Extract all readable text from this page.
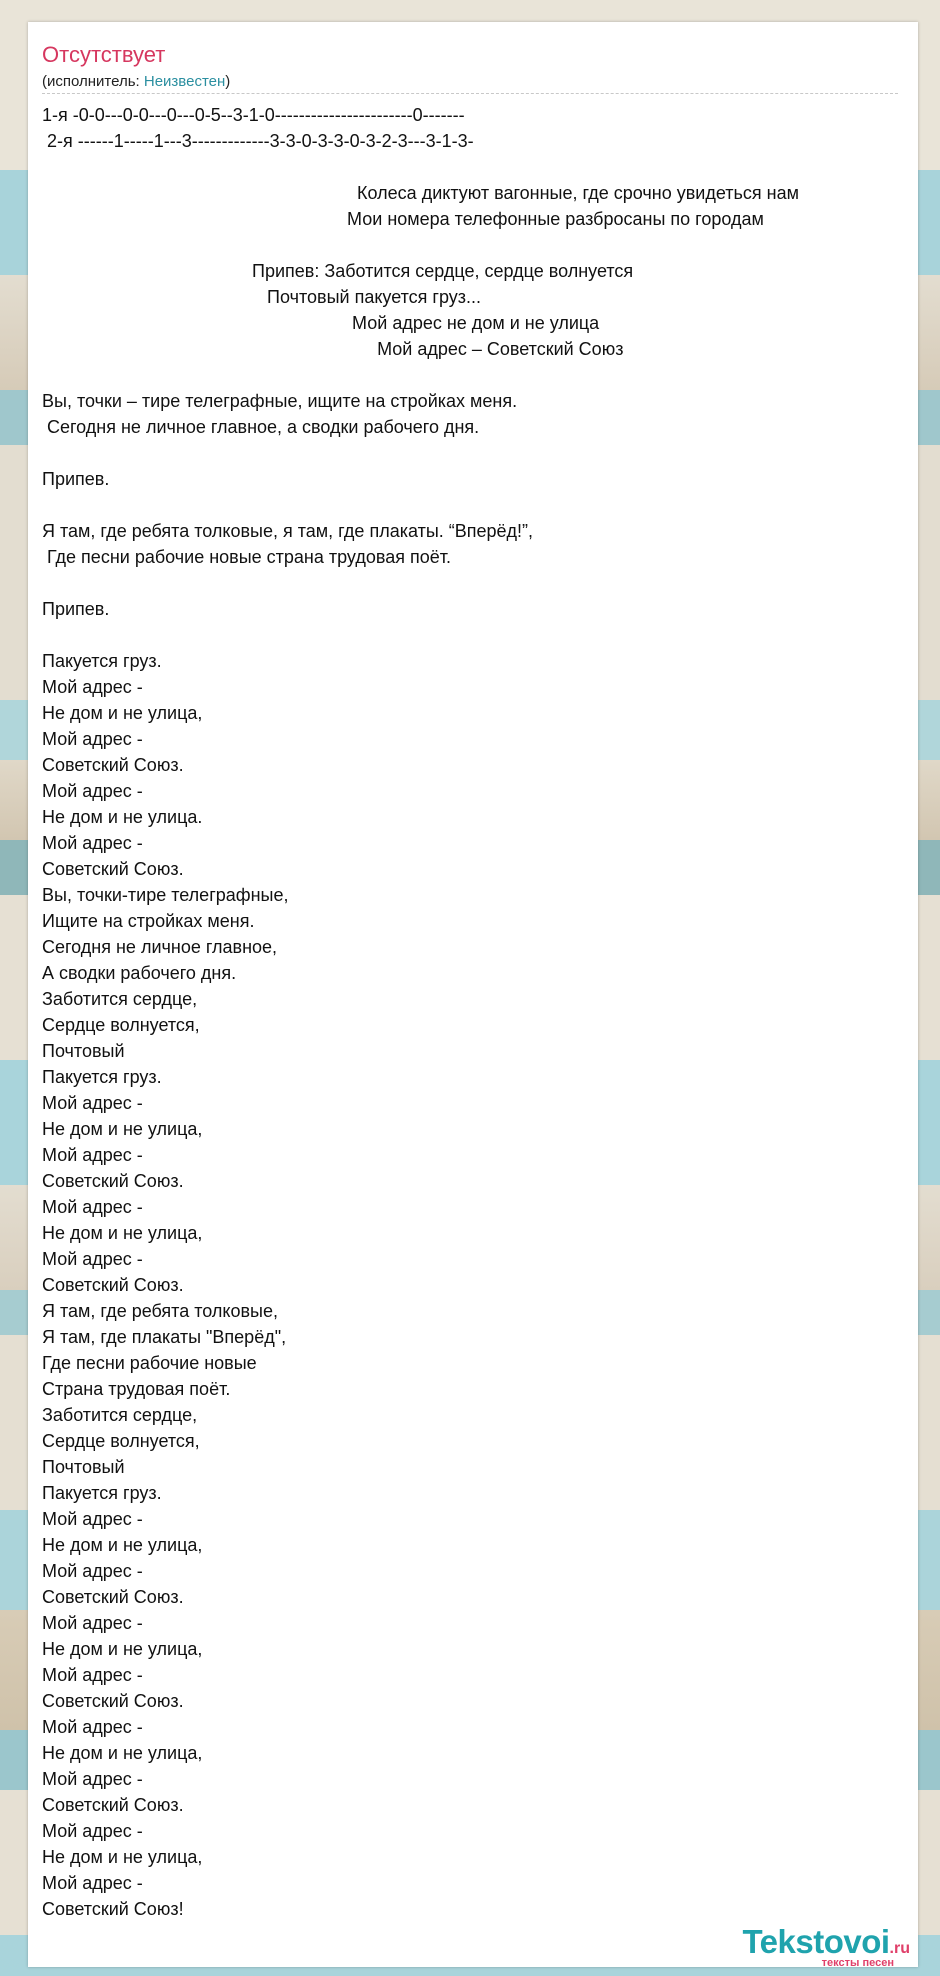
Отсутствует
(исполнитель: Неизвестен)
1-я -0-0---0-0---0---0-5--3-1-0-----------------------0-------
2-я ------1-----1---3-------------3-3-0-3-3-0-3-2-3---3-1-3-

Колеса диктуют вагонные, где срочно увидеться нам
Мои номера телефонные разбросаны по городам

Припев: Заботится сердце, сердце волнуется
Почтовый пакуется груз...
Мой адрес не дом и не улица
Мой адрес – Советский Союз

Вы, точки – тире телеграфные, ищите на стройках меня.
Сегодня не личное главное, а сводки рабочего дня.

Припев.

Я там, где ребята толковые, я там, где плакаты. “Вперёд!”,
Где песни рабочие новые страна трудовая поёт.

Припев.

Пакуется груз.
Мой адрес -
Не дом и не улица,
Мой адрес -
Советский Союз.
Мой адрес -
Не дом и не улица.
Мой адрес -
Советский Союз.
Вы, точки-тире телеграфные,
Ищите на стройках меня.
Сегодня не личное главное,
А сводки рабочего дня.
Заботится сердце,
Сердце волнуется,
Почтовый
Пакуется груз.
Мой адрес -
Не дом и не улица,
Мой адрес -
Советский Союз.
Мой адрес -
Не дом и не улица,
Мой адрес -
Советский Союз.
Я там, где ребята толковые,
Я там, где плакаты "Вперёд",
Где песни рабочие новые
Страна трудовая поёт.
Заботится сердце,
Сердце волнуется,
Почтовый
Пакуется груз.
Мой адрес -
Не дом и не улица,
Мой адрес -
Советский Союз.
Мой адрес -
Не дом и не улица,
Мой адрес -
Советский Союз.
Мой адрес -
Не дом и не улица,
Мой адрес -
Советский Союз.
Мой адрес -
Не дом и не улица,
Мой адрес -
Советский Союз!
Tekstovoi.ru
тексты песен
